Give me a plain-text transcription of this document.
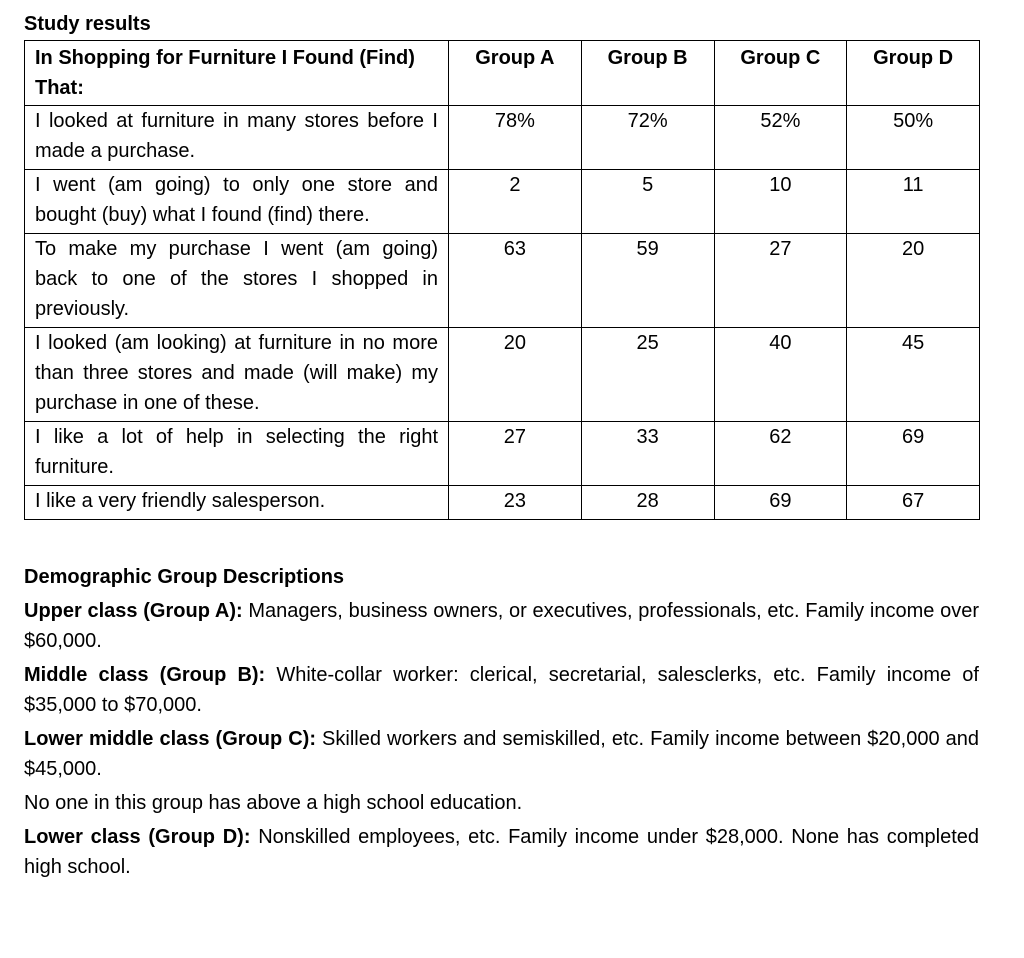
Study results
In Shopping for Furniture I Found (Find) That:	Group A	Group B	Group C	Group D
I looked at furniture in many stores before I made a purchase.	78%	72%	52%	50%
I went (am going) to only one store and bought (buy) what I found (find) there.	2	5	10	11
To make my purchase I went (am going) back to one of the stores I shopped in previously.	63	59	27	20
I looked (am looking) at furniture in no more than three stores and made (will make) my purchase in one of these.	20	25	40	45
I like a lot of help in selecting the right furniture.	27	33	62	69
I like a very friendly salesperson.	23	28	69	67

Demographic Group Descriptions

Upper class (Group A): Managers, business owners, or executives, professionals, etc. Family income over $60,000.

Middle class (Group B): White-collar worker: clerical, secretarial, salesclerks, etc. Family income of $35,000 to $70,000.

Lower middle class (Group C): Skilled workers and semiskilled, etc. Family income between $20,000 and $45,000.

No one in this group has above a high school education.

Lower class (Group D): Nonskilled employees, etc. Family income under $28,000. None has completed high school.
